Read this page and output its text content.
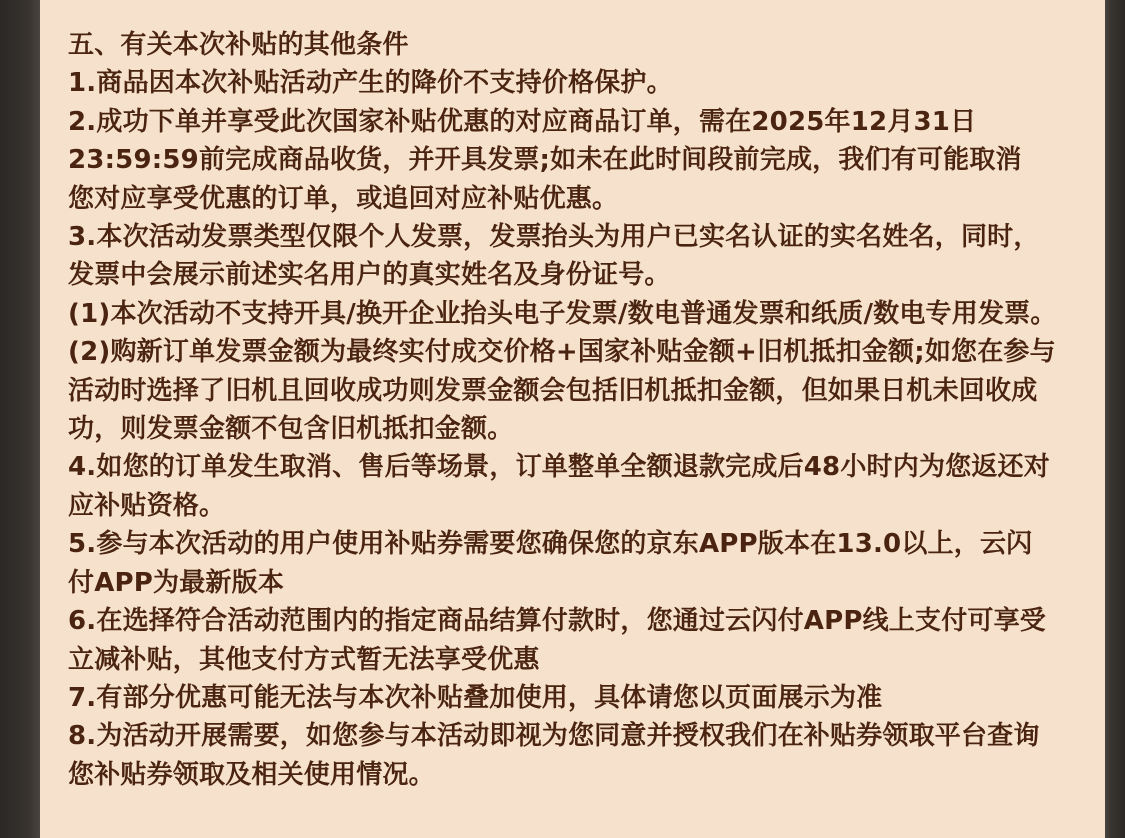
五、有关本次补贴的其他条件
1.商品因本次补贴活动产生的降价不支持价格保护。
2.成功下单并享受此次国家补贴优惠的对应商品订单，需在2025年12月31日
23:59:59前完成商品收货，并开具发票;如未在此时间段前完成，我们有可能取消
您对应享受优惠的订单，或追回对应补贴优惠。
3.本次活动发票类型仅限个人发票，发票抬头为用户已实名认证的实名姓名，同时，
发票中会展示前述实名用户的真实姓名及身份证号。
(1)本次活动不支持开具/换开企业抬头电子发票/数电普通发票和纸质/数电专用发票。
(2)购新订单发票金额为最终实付成交价格+国家补贴金额+旧机抵扣金额;如您在参与
活动时选择了旧机且回收成功则发票金额会包括旧机抵扣金额，但如果日机未回收成
功，则发票金额不包含旧机抵扣金额。
4.如您的订单发生取消、售后等场景，订单整单全额退款完成后48小时内为您返还对
应补贴资格。
5.参与本次活动的用户使用补贴券需要您确保您的京东APP版本在13.0以上，云闪
付APP为最新版本
6.在选择符合活动范围内的指定商品结算付款时，您通过云闪付APP线上支付可享受
立减补贴，其他支付方式暂无法享受优惠
7.有部分优惠可能无法与本次补贴叠加使用，具体请您以页面展示为准
8.为活动开展需要，如您参与本活动即视为您同意并授权我们在补贴券领取平台查询
您补贴券领取及相关使用情况。
